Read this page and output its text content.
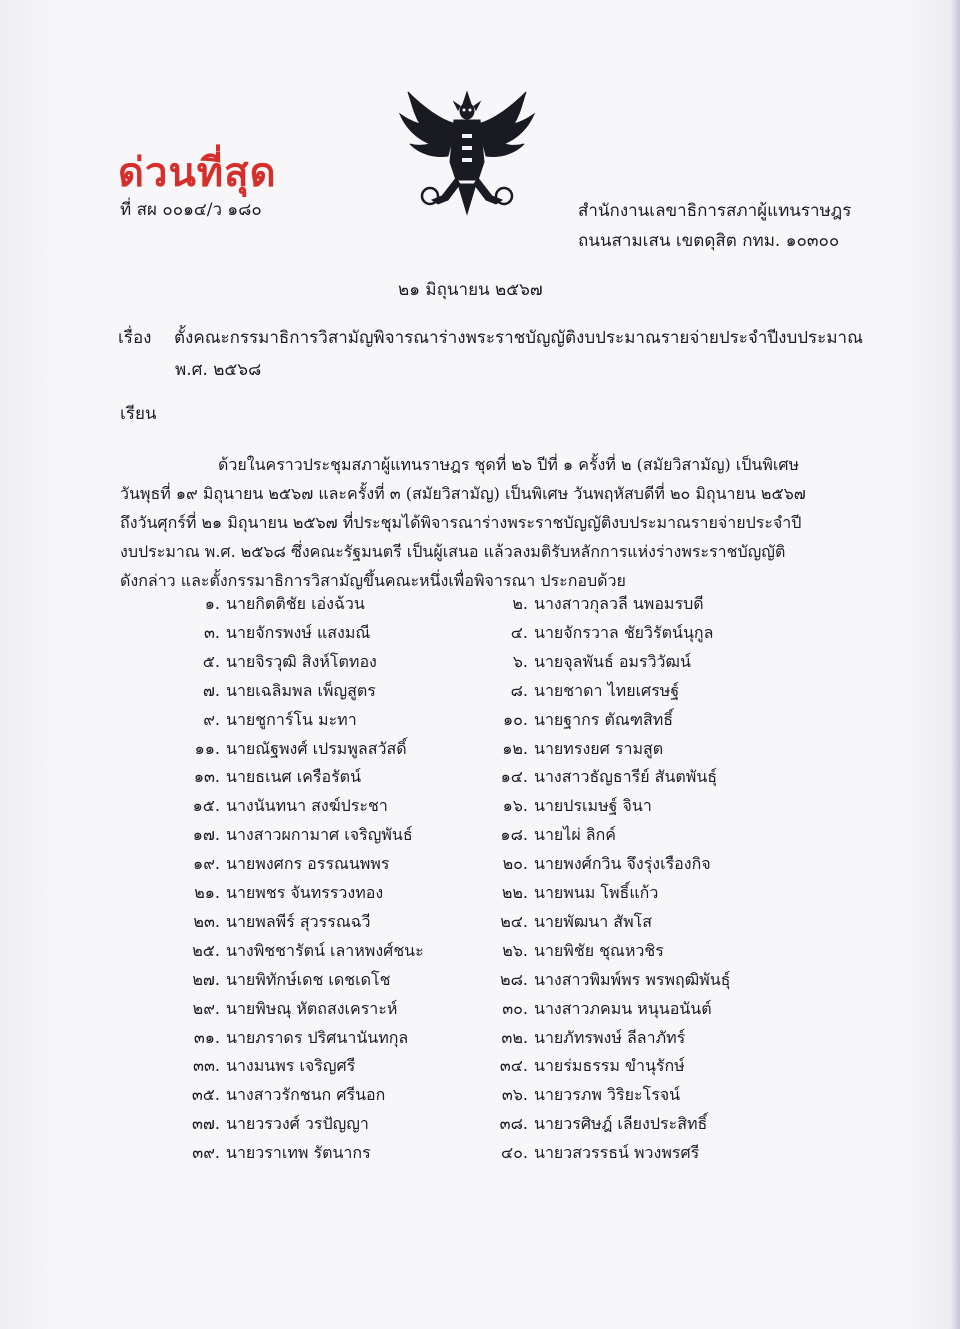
ด่วนที่สุด
ที่ สผ ๐๐๑๔/ว ๑๘๐	สำนักงานเลขาธิการสภาผู้แทนราษฎร
ถนนสามเสน เขตดุสิต กทม. ๑๐๓๐๐
๒๑ มิถุนายน ๒๕๖๗
เรื่อง ตั้งคณะกรรมาธิการวิสามัญพิจารณาร่างพระราชบัญญัติงบประมาณรายจ่ายประจำปีงบประมาณ
พ.ศ. ๒๕๖๘
เรียน
ด้วยในคราวประชุมสภาผู้แทนราษฎร ชุดที่ ๒๖ ปีที่ ๑ ครั้งที่ ๒ (สมัยวิสามัญ) เป็นพิเศษ
วันพุธที่ ๑๙ มิถุนายน ๒๕๖๗ และครั้งที่ ๓ (สมัยวิสามัญ) เป็นพิเศษ วันพฤหัสบดีที่ ๒๐ มิถุนายน ๒๕๖๗
ถึงวันศุกร์ที่ ๒๑ มิถุนายน ๒๕๖๗ ที่ประชุมได้พิจารณาร่างพระราชบัญญัติงบประมาณรายจ่ายประจำปี
งบประมาณ พ.ศ. ๒๕๖๘ ซึ่งคณะรัฐมนตรี เป็นผู้เสนอ แล้วลงมติรับหลักการแห่งร่างพระราชบัญญัติ
ดังกล่าว และตั้งกรรมาธิการวิสามัญขึ้นคณะหนึ่งเพื่อพิจารณา ประกอบด้วย
๑. นายกิตติชัย เอ่งฉ้วน	๒. นางสาวกุลวลี นพอมรบดี
๓. นายจักรพงษ์ แสงมณี	๔. นายจักรวาล ชัยวิรัตน์นุกูล
๕. นายจิรวุฒิ สิงห์โตทอง	๖. นายจุลพันธ์ อมรวิวัฒน์
๗. นายเฉลิมพล เพ็ญสูตร	๘. นายชาดา ไทยเศรษฐ์
๙. นายชูการ์โน มะทา	๑๐. นายฐากร ตัณฑสิทธิ์
๑๑. นายณัฐพงศ์ เปรมพูลสวัสดิ์	๑๒. นายทรงยศ รามสูต
๑๓. นายธเนศ เครือรัตน์	๑๔. นางสาวธัญธารีย์ สันตพันธุ์
๑๕. นางนันทนา สงฆ์ประชา	๑๖. นายปรเมษฐ์ จินา
๑๗. นางสาวผกามาศ เจริญพันธ์	๑๘. นายไผ่ ลิกค์
๑๙. นายพงศกร อรรณนพพร	๒๐. นายพงศ์กวิน จึงรุ่งเรืองกิจ
๒๑. นายพชร จันทรรวงทอง	๒๒. นายพนม โพธิ์แก้ว
๒๓. นายพลพีร์ สุวรรณฉวี	๒๔. นายพัฒนา สัพโส
๒๕. นางพิชชารัตน์ เลาหพงศ์ชนะ	๒๖. นายพิชัย ชุณหวชิร
๒๗. นายพิทักษ์เดช เดชเดโช	๒๘. นางสาวพิมพ์พร พรพฤฒิพันธุ์
๒๙. นายพิษณุ หัตถสงเคราะห์	๓๐. นางสาวภคมน หนุนอนันต์
๓๑. นายภราดร ปริศนานันทกุล	๓๒. นายภัทรพงษ์ ลีลาภัทร์
๓๓. นางมนพร เจริญศรี	๓๔. นายร่มธรรม ขำนุรักษ์
๓๕. นางสาวรักชนก ศรีนอก	๓๖. นายวรภพ วิริยะโรจน์
๓๗. นายวรวงศ์ วรปัญญา	๓๘. นายวรศิษฎ์ เลียงประสิทธิ์
๓๙. นายวราเทพ รัตนากร	๔๐. นายวสวรรธน์ พวงพรศรี
